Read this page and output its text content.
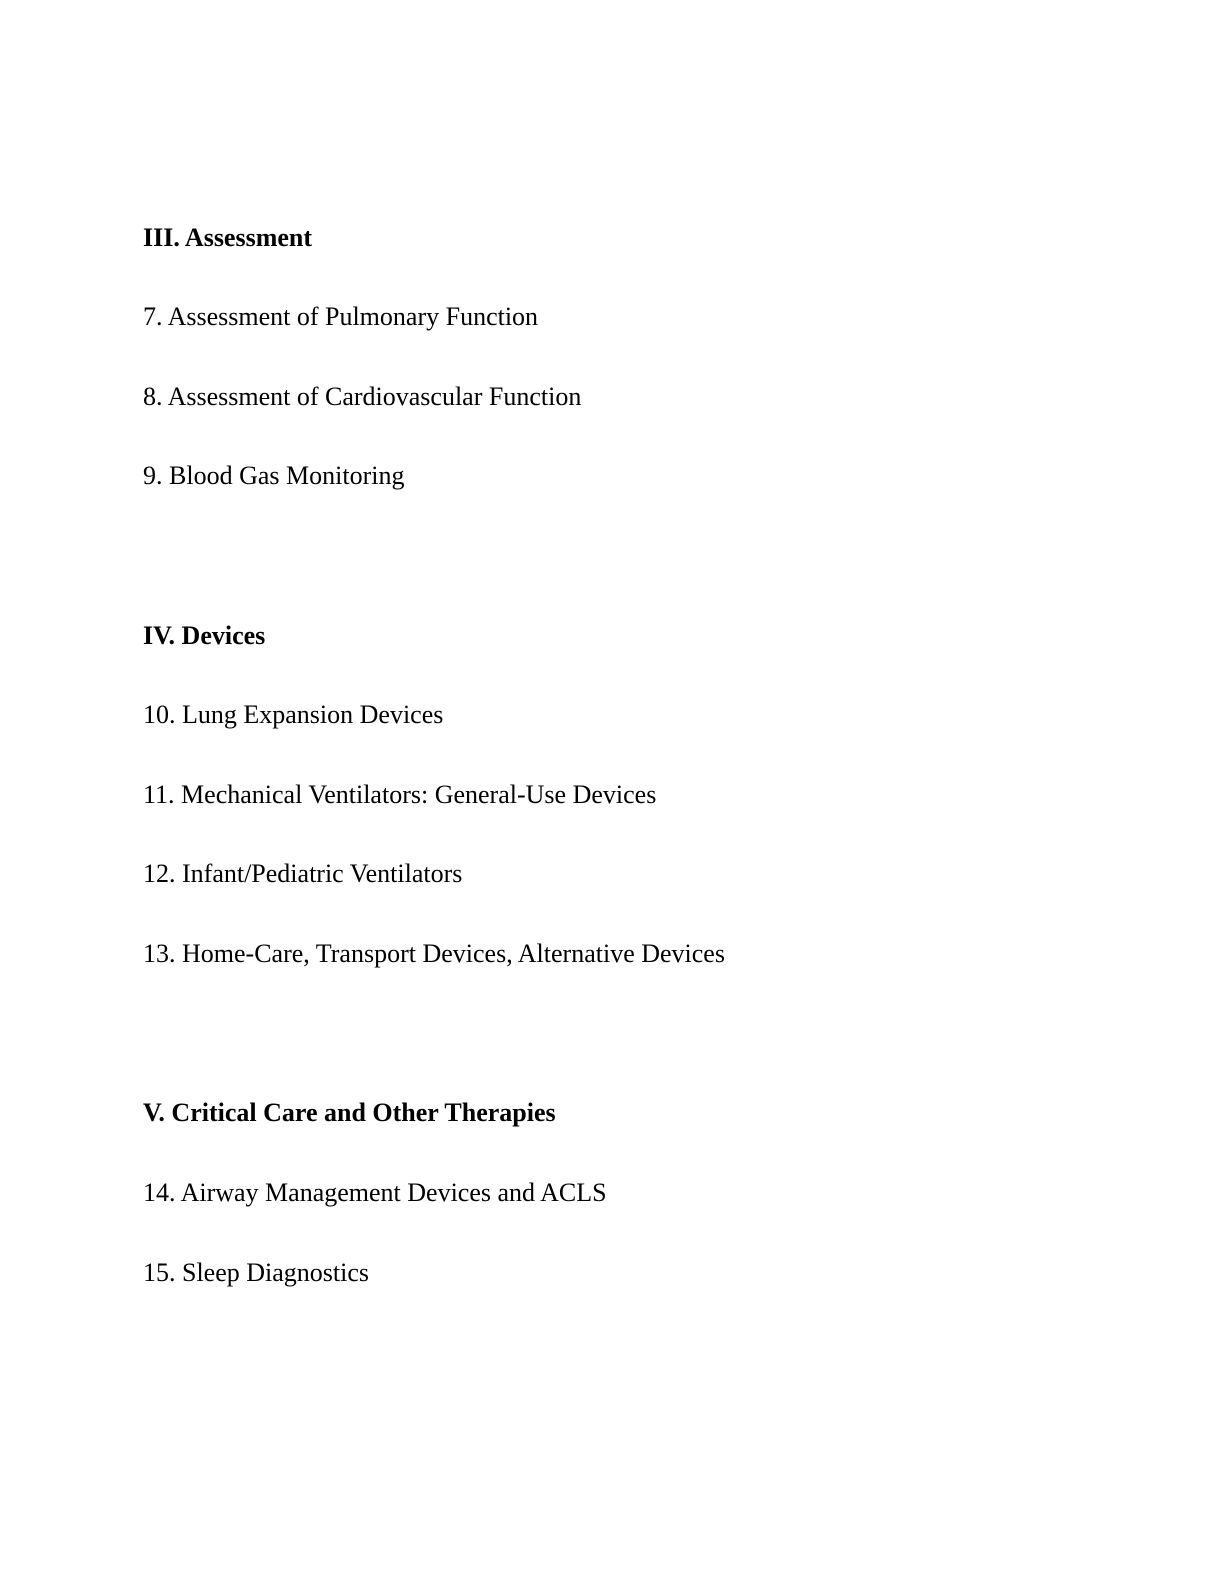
III. Assessment
7. Assessment of Pulmonary Function
8. Assessment of Cardiovascular Function
9. Blood Gas Monitoring
IV. Devices
10. Lung Expansion Devices
11. Mechanical Ventilators: General-Use Devices
12. Infant/Pediatric Ventilators
13. Home-Care, Transport Devices, Alternative Devices
V. Critical Care and Other Therapies
14. Airway Management Devices and ACLS
15. Sleep Diagnostics
